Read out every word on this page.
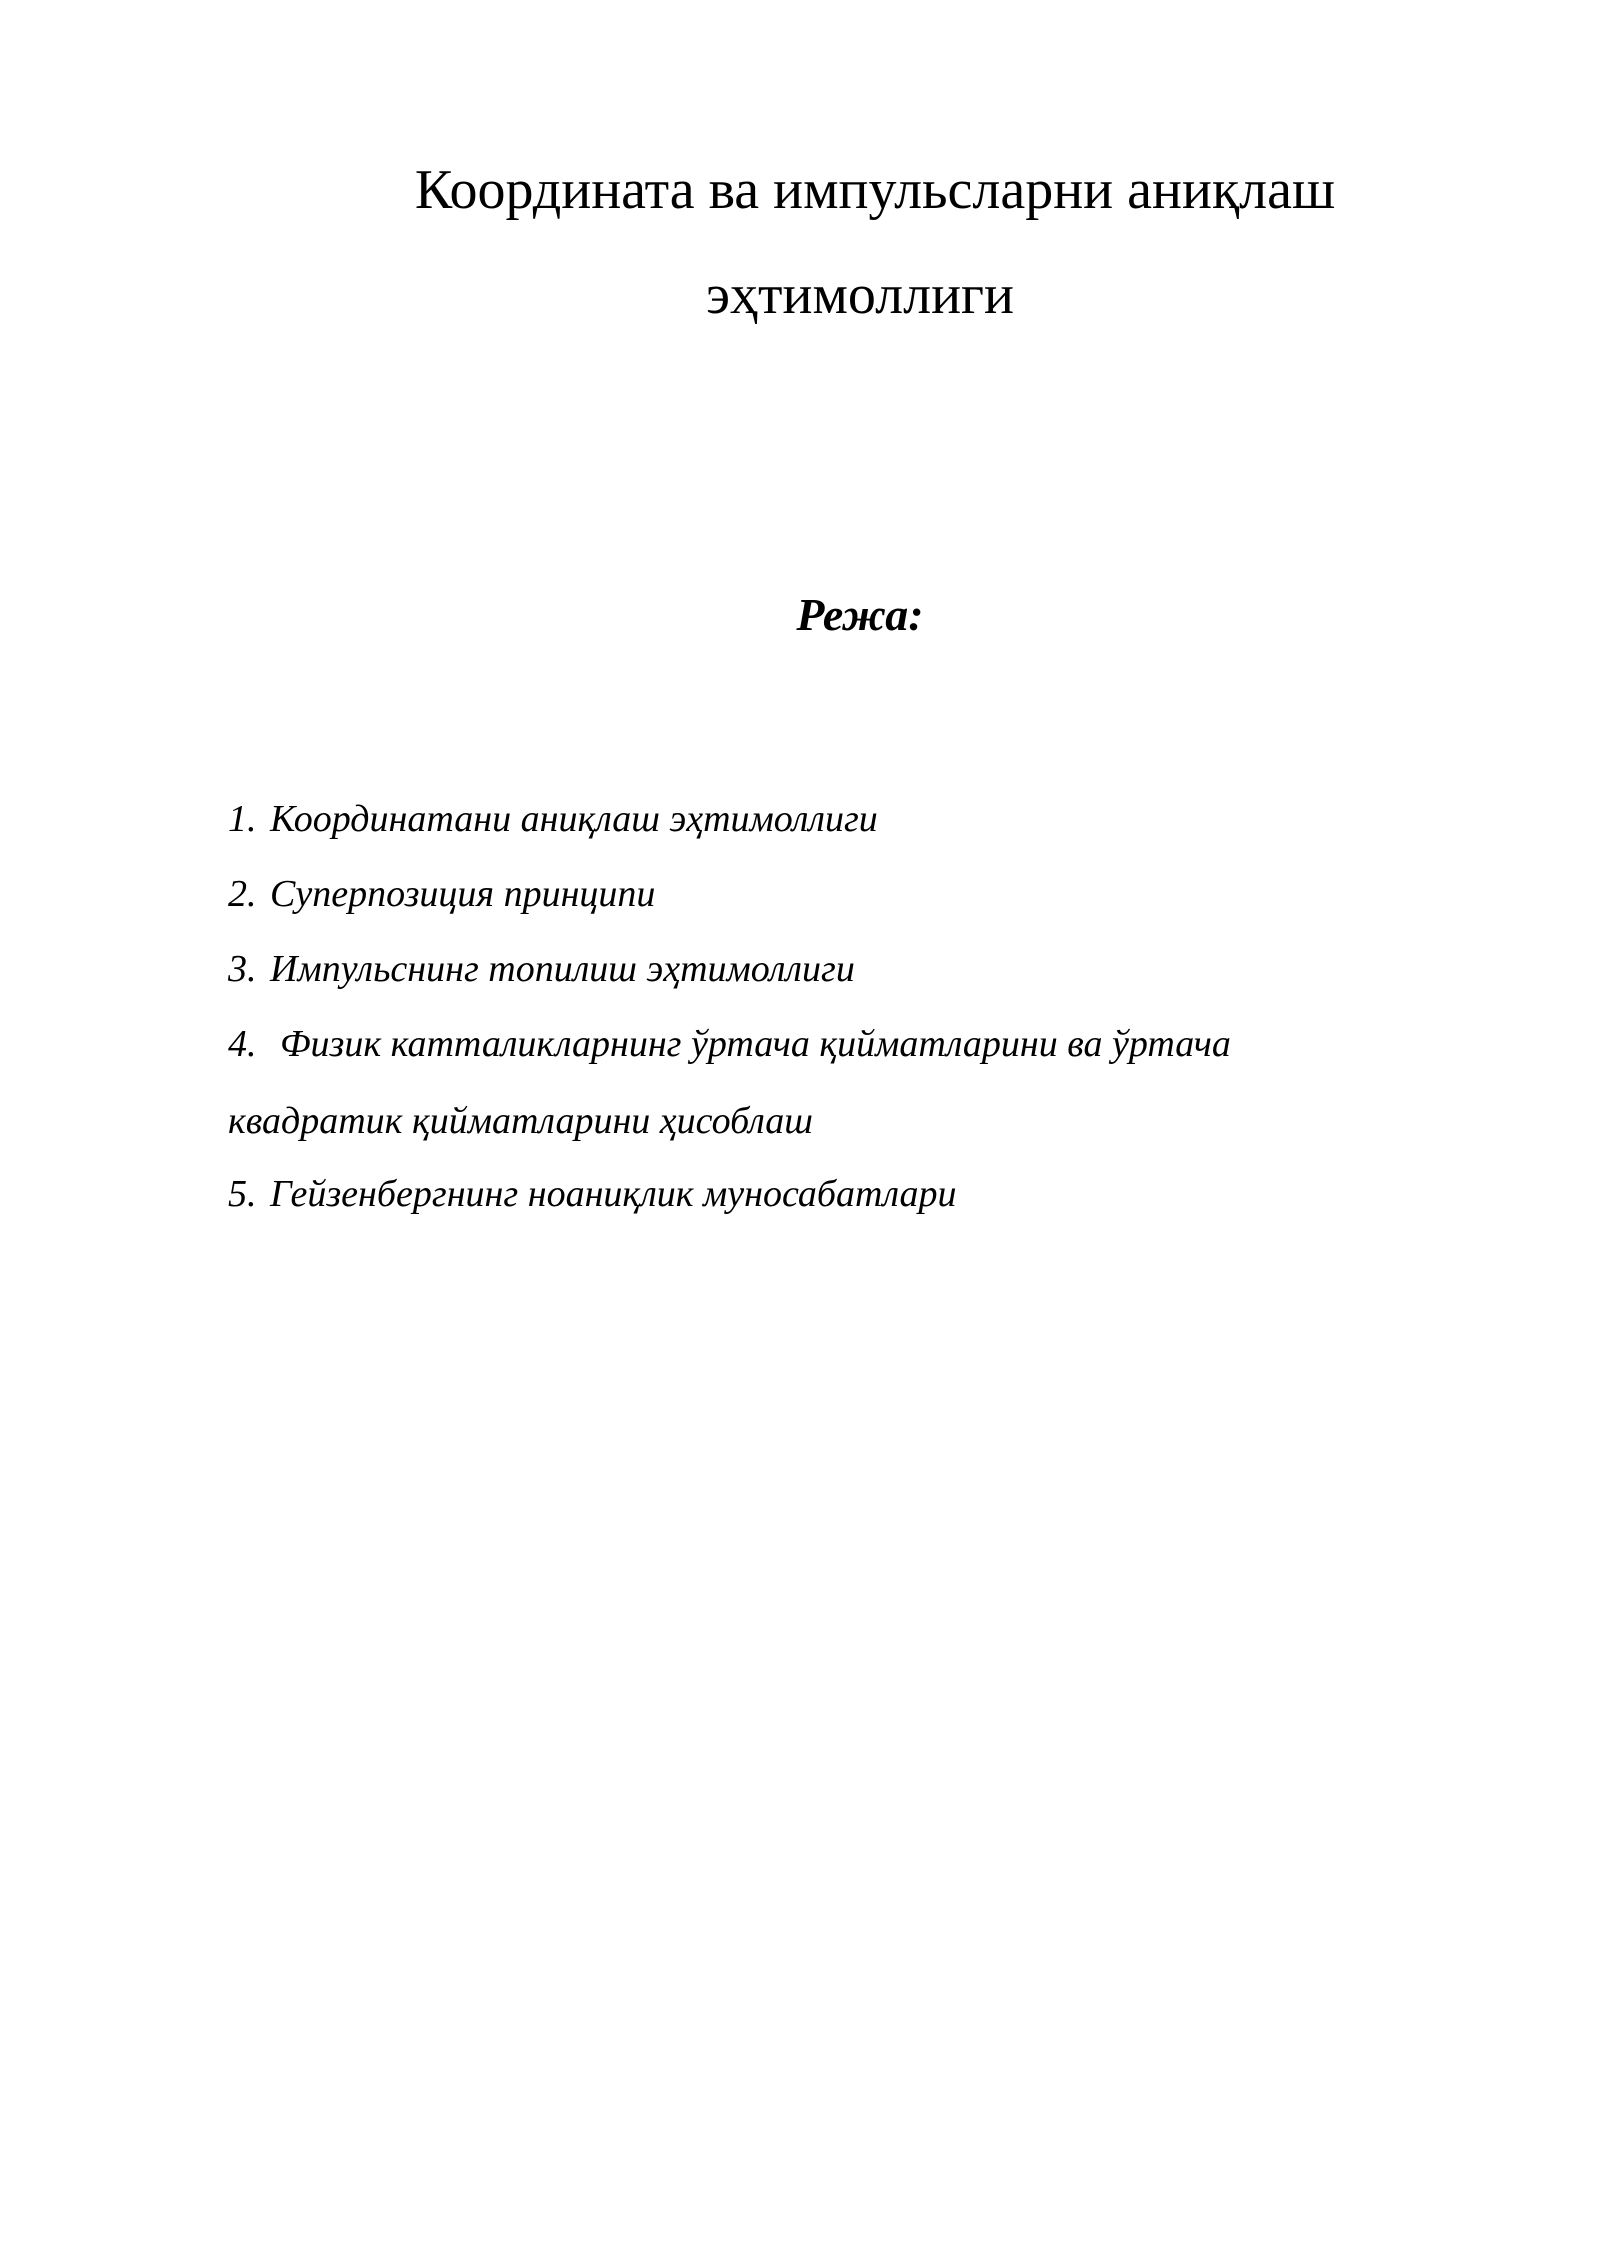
Координата ва импульсларни аниқлаш
эҳтимоллиги
Режа:
1. Координатани аниқлаш эҳтимоллиги
2. Суперпозиция принципи
3. Импульснинг топилиш эҳтимоллиги
4. Физик катталикларнинг ўртача қийматларини ва ўртача
квадратик қийматларини ҳисоблаш
5. Гейзенбергнинг ноаниқлик муносабатлари
